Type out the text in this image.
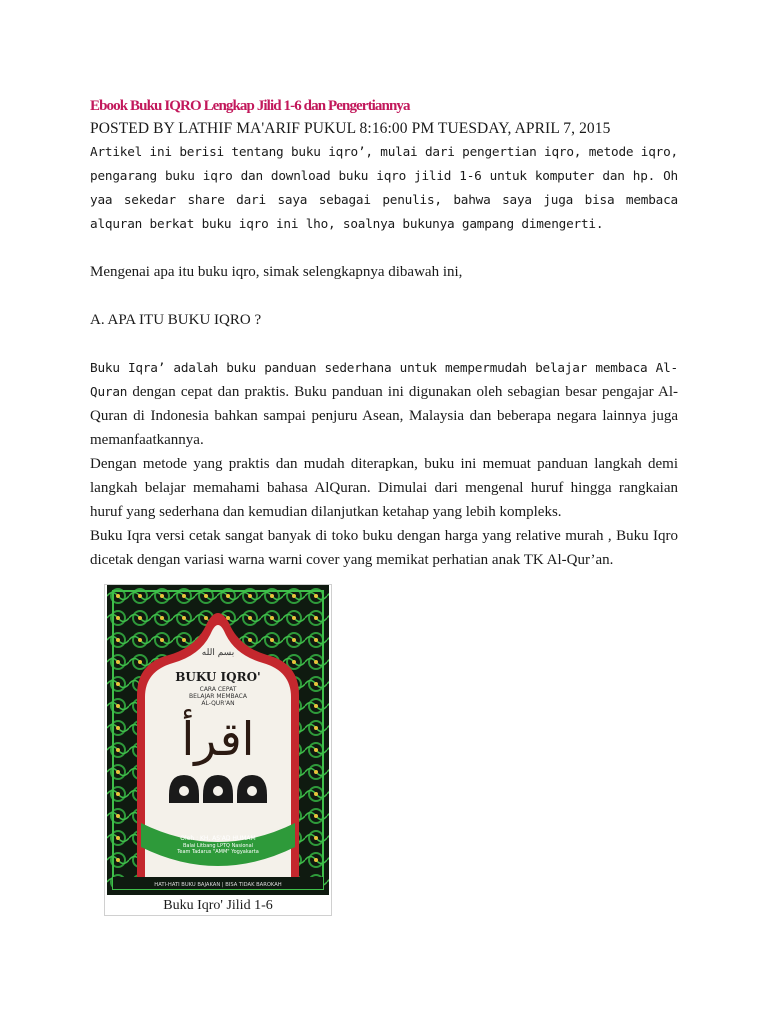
Ebook Buku IQRO Lengkap Jilid 1-6 dan Pengertiannya

POSTED BY LATHIF MA'ARIF PUKUL 8:16:00 PM TUESDAY, APRIL 7, 2015

Artikel ini berisi tentang buku iqro’, mulai dari pengertian iqro, metode iqro, pengarang buku iqro dan download buku iqro jilid 1-6 untuk komputer dan hp. Oh yaa sekedar share dari saya sebagai penulis, bahwa saya juga bisa membaca alquran berkat buku iqro ini lho, soalnya bukunya gampang dimengerti.

Mengenai apa itu buku iqro, simak selengkapnya dibawah ini,

A. APA ITU BUKU IQRO ?

Buku Iqra’ adalah buku panduan sederhana untuk mempermudah belajar membaca Al-Quran dengan cepat dan praktis. Buku panduan ini digunakan oleh sebagian besar pengajar Al-Quran di Indonesia bahkan sampai penjuru Asean, Malaysia dan beberapa negara lainnya juga memanfaatkannya.

Dengan metode yang praktis dan mudah diterapkan, buku ini memuat panduan langkah demi langkah belajar memahami bahasa AlQuran. Dimulai dari mengenal huruf hingga rangkaian huruf yang sederhana dan kemudian dilanjutkan ketahap yang lebih kompleks.

Buku Iqra versi cetak sangat banyak di toko buku dengan harga yang relative murah , Buku Iqro dicetak dengan variasi warna warni cover yang memikat perhatian anak TK Al-Qur’an.

بسم الله
BUKU IQRO'
CARA CEPAT
BELAJAR MEMBACA
AL-QUR'AN
اقرأ
Oleh : KH. AS'AD HUMAM
Balai Litbang LPTQ Nasional
Team Tadarus "AMM" Yogyakarta
HATI-HATI BUKU BAJAKAN | BISA TIDAK BAROKAH
Buku Iqro' Jilid 1-6
